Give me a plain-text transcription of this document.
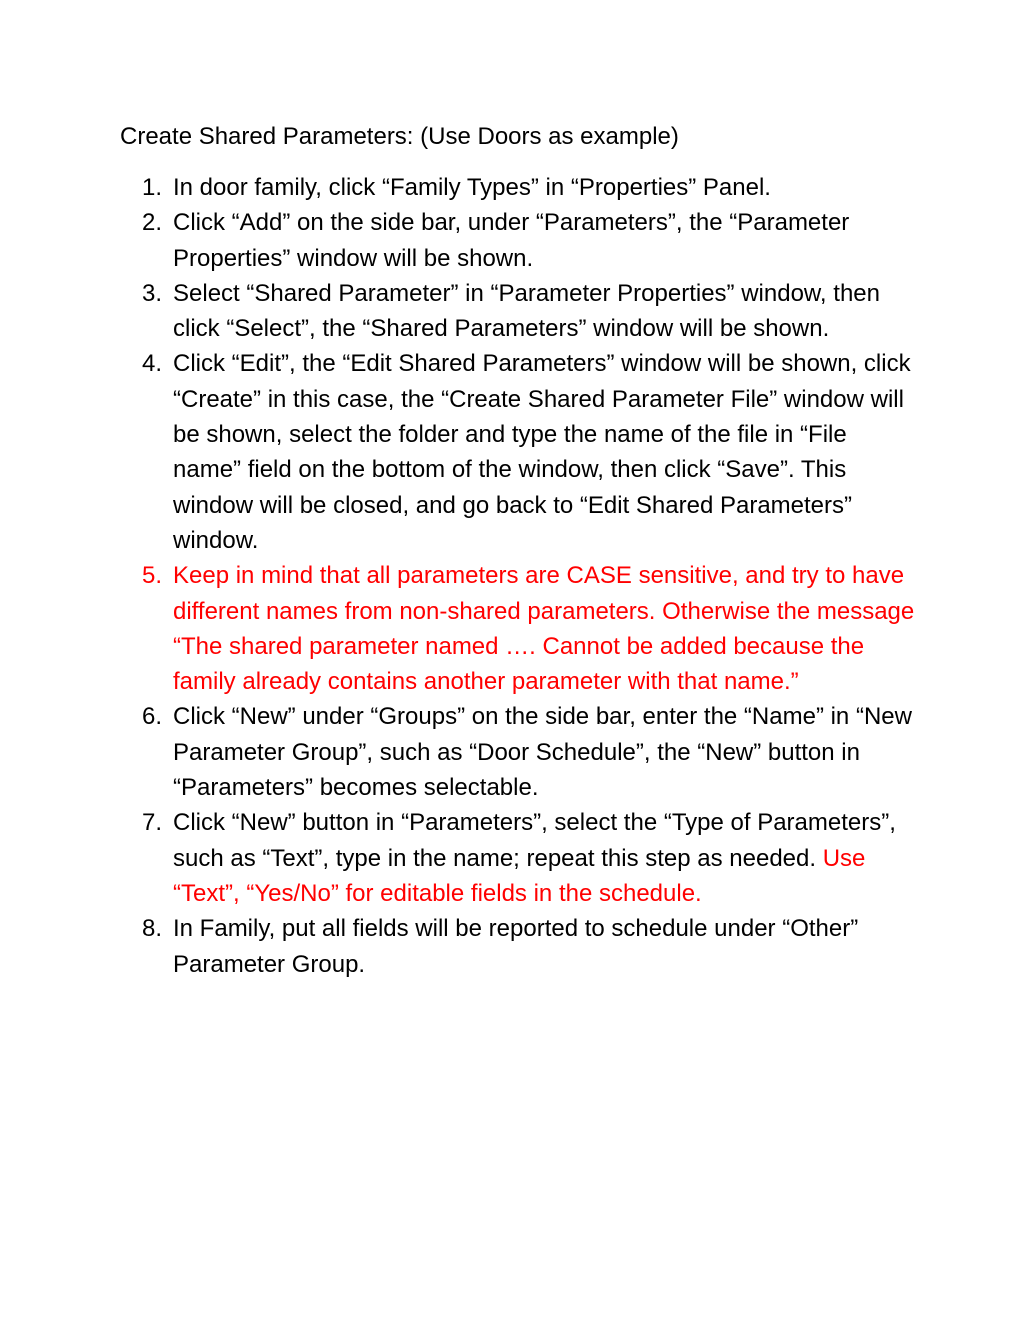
Create Shared Parameters: (Use Doors as example)
1. In door family, click “Family Types” in “Properties” Panel.
2. Click “Add” on the side bar, under “Parameters”, the “Parameter Properties” window will be shown.
3. Select “Shared Parameter” in “Parameter Properties” window, then click “Select”, the “Shared Parameters” window will be shown.
4. Click “Edit”, the “Edit Shared Parameters” window will be shown, click “Create” in this case, the “Create Shared Parameter File” window will be shown, select the folder and type the name of the file in “File name” field on the bottom of the window, then click “Save”. This window will be closed, and go back to “Edit Shared Parameters” window.
5. Keep in mind that all parameters are CASE sensitive, and try to have different names from non-shared parameters. Otherwise the message “The shared parameter named …. Cannot be added because the family already contains another parameter with that name.”
6. Click “New” under “Groups” on the side bar, enter the “Name” in “New Parameter Group”, such as “Door Schedule”, the “New” button in “Parameters” becomes selectable.
7. Click “New” button in “Parameters”, select the “Type of Parameters”, such as “Text”, type in the name; repeat this step as needed. Use “Text”, “Yes/No” for editable fields in the schedule.
8. In Family, put all fields will be reported to schedule under “Other” Parameter Group.
